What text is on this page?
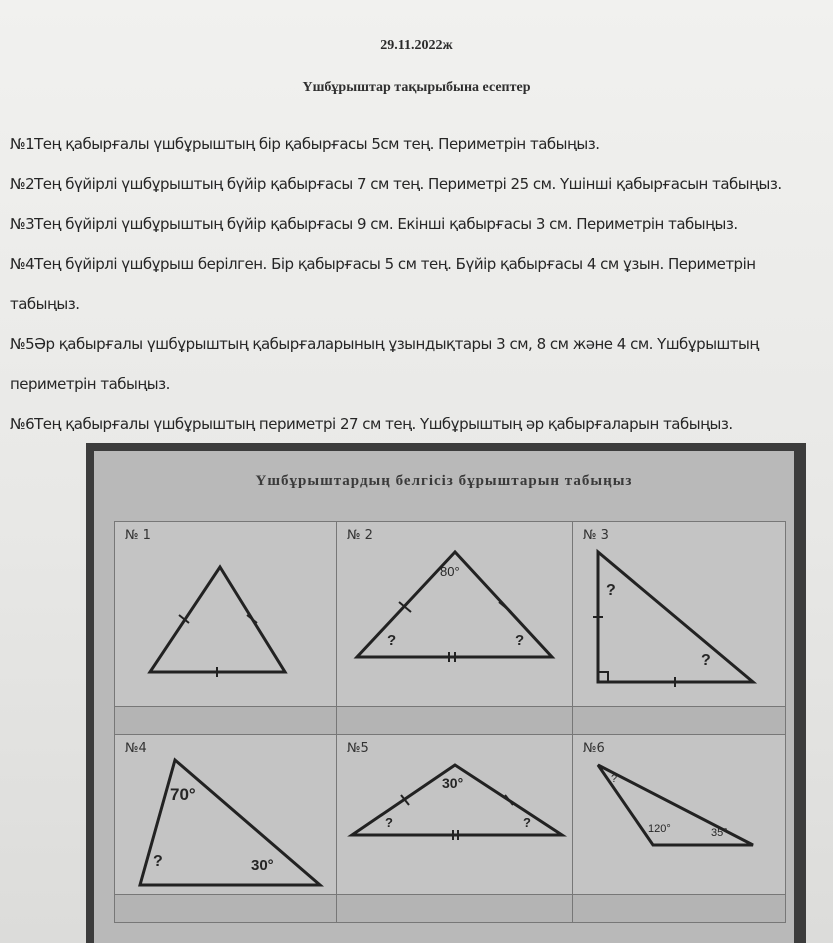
29.11.2022ж
Үшбұрыштар тақырыбына есептер
№1Тең қабырғалы үшбұрыштың бір қабырғасы 5см тең. Периметрін табыңыз.
№2Тең бүйірлі үшбұрыштың бүйір қабырғасы 7 см тең. Периметрі 25 см. Үшінші қабырғасын табыңыз.
№3Тең бүйірлі үшбұрыштың бүйір қабырғасы 9 см. Екінші қабырғасы 3 см. Периметрін табыңыз.
№4Тең бүйірлі үшбұрыш берілген. Бір қабырғасы 5 см тең. Бүйір қабырғасы 4 см ұзын. Периметрін табыңыз.
№5Әр қабырғалы үшбұрыштың қабырғаларының ұзындықтары 3 см, 8 см және 4 см. Үшбұрыштың периметрін табыңыз.
№6Тең қабырғалы үшбұрыштың периметрі 27 см тең. Үшбұрыштың әр қабырғаларын табыңыз.
Үшбұрыштардың белгісіз бұрыштарын табыңыз
№ 1	№ 2
80°
?	?
№ 3
?
?
№4
70°
?	30°
№5
30°
?	?
№6
?
120°	35°
